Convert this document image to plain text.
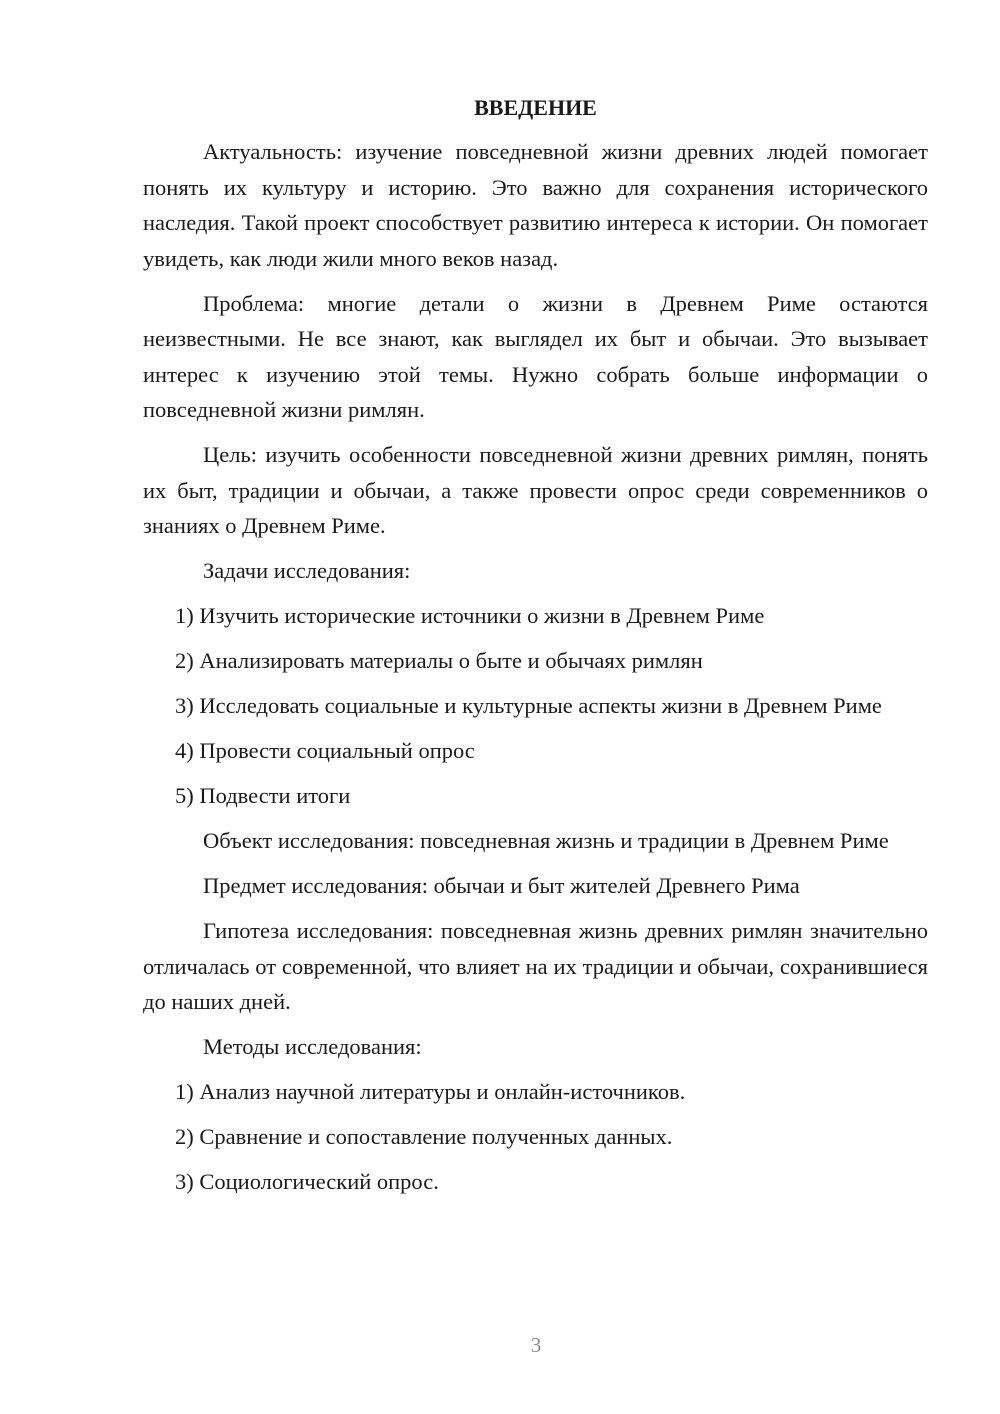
ВВЕДЕНИЕ

Актуальность: изучение повседневной жизни древних людей помогает понять их культуру и историю. Это важно для сохранения исторического наследия. Такой проект способствует развитию интереса к истории. Он помогает увидеть, как люди жили много веков назад.

Проблема: многие детали о жизни в Древнем Риме остаются неизвестными. Не все знают, как выглядел их быт и обычаи. Это вызывает интерес к изучению этой темы. Нужно собрать больше информации о повседневной жизни римлян.

Цель: изучить особенности повседневной жизни древних римлян, понять их быт, традиции и обычаи, а также провести опрос среди современников о знаниях о Древнем Риме.

Задачи исследования:

1) Изучить исторические источники о жизни в Древнем Риме

2) Анализировать материалы о быте и обычаях римлян

3) Исследовать социальные и культурные аспекты жизни в Древнем Риме

4) Провести социальный опрос

5) Подвести итоги

Объект исследования: повседневная жизнь и традиции в Древнем Риме

Предмет исследования: обычаи и быт жителей Древнего Рима

Гипотеза исследования: повседневная жизнь древних римлян значительно отличалась от современной, что влияет на их традиции и обычаи, сохранившиеся до наших дней.

Методы исследования:

1) Анализ научной литературы и онлайн-источников.

2) Сравнение и сопоставление полученных данных.

3) Социологический опрос.

3
